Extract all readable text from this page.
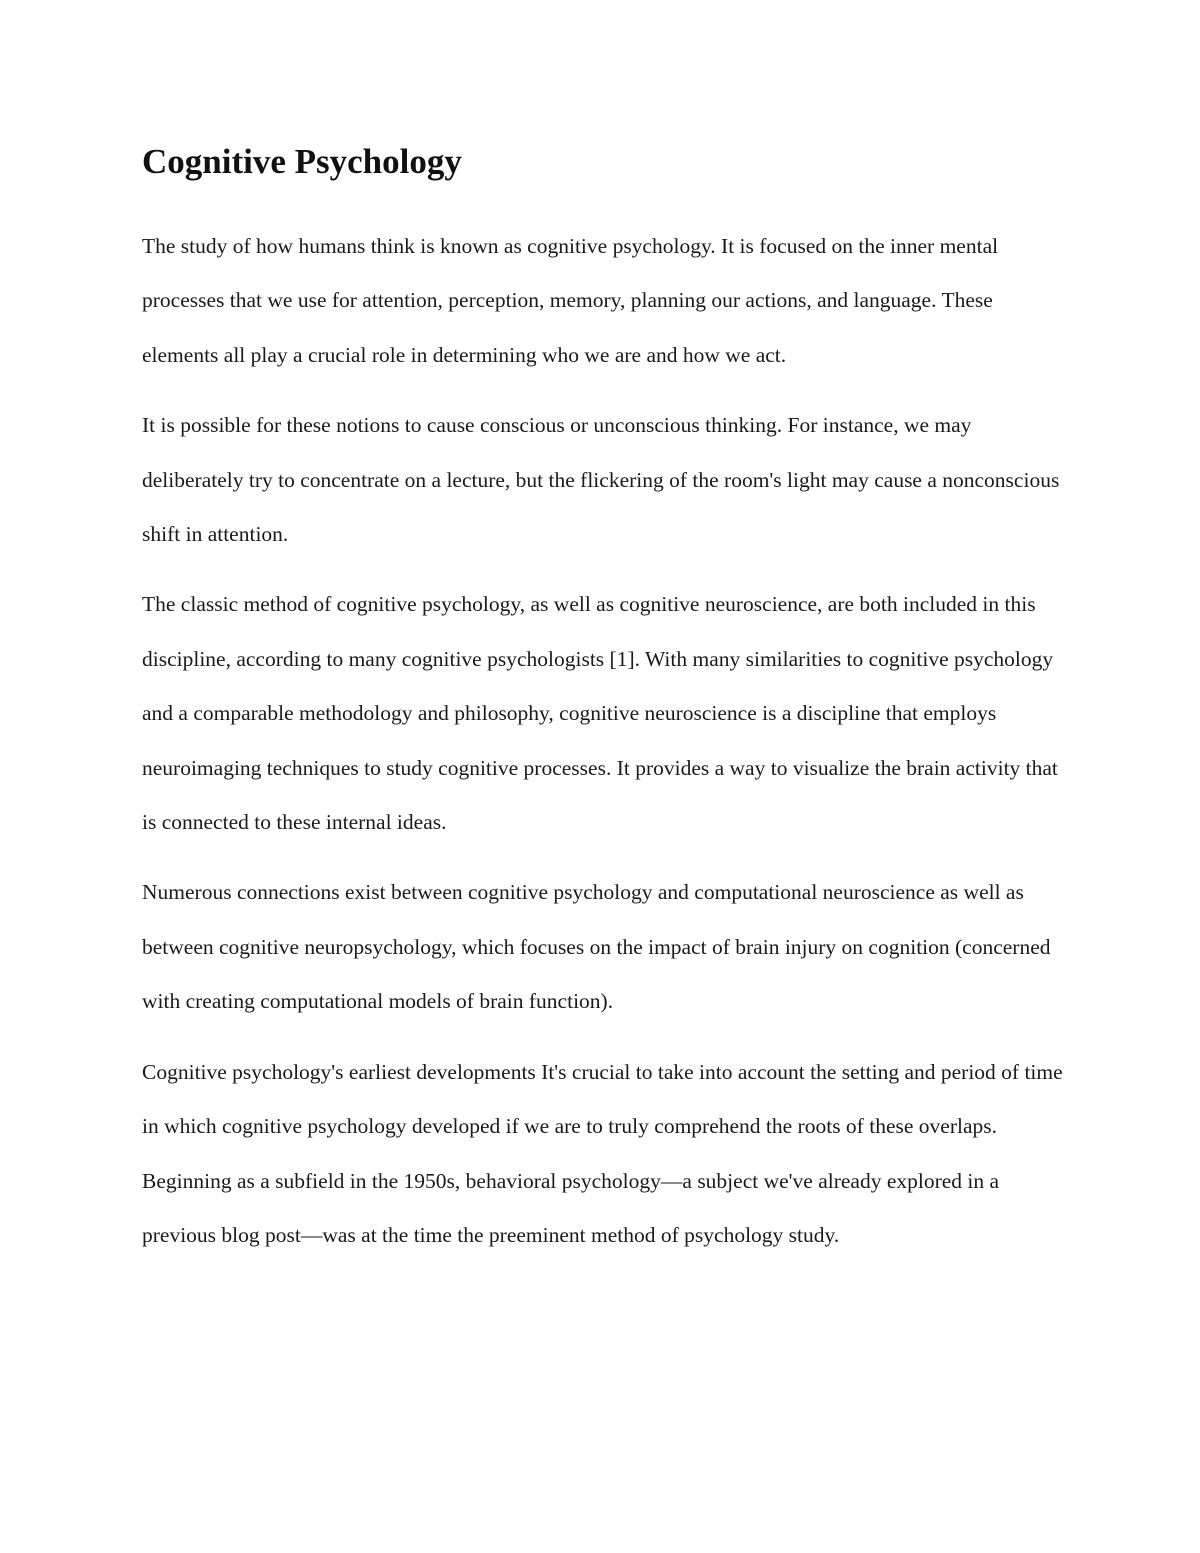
Cognitive Psychology

The study of how humans think is known as cognitive psychology. It is focused on the inner mental processes that we use for attention, perception, memory, planning our actions, and language. These elements all play a crucial role in determining who we are and how we act.

It is possible for these notions to cause conscious or unconscious thinking. For instance, we may deliberately try to concentrate on a lecture, but the flickering of the room's light may cause a nonconscious shift in attention.

The classic method of cognitive psychology, as well as cognitive neuroscience, are both included in this discipline, according to many cognitive psychologists [1]. With many similarities to cognitive psychology and a comparable methodology and philosophy, cognitive neuroscience is a discipline that employs neuroimaging techniques to study cognitive processes. It provides a way to visualize the brain activity that is connected to these internal ideas.

Numerous connections exist between cognitive psychology and computational neuroscience as well as between cognitive neuropsychology, which focuses on the impact of brain injury on cognition (concerned with creating computational models of brain function).

Cognitive psychology's earliest developments It's crucial to take into account the setting and period of time in which cognitive psychology developed if we are to truly comprehend the roots of these overlaps. Beginning as a subfield in the 1950s, behavioral psychology—a subject we've already explored in a previous blog post—was at the time the preeminent method of psychology study.
